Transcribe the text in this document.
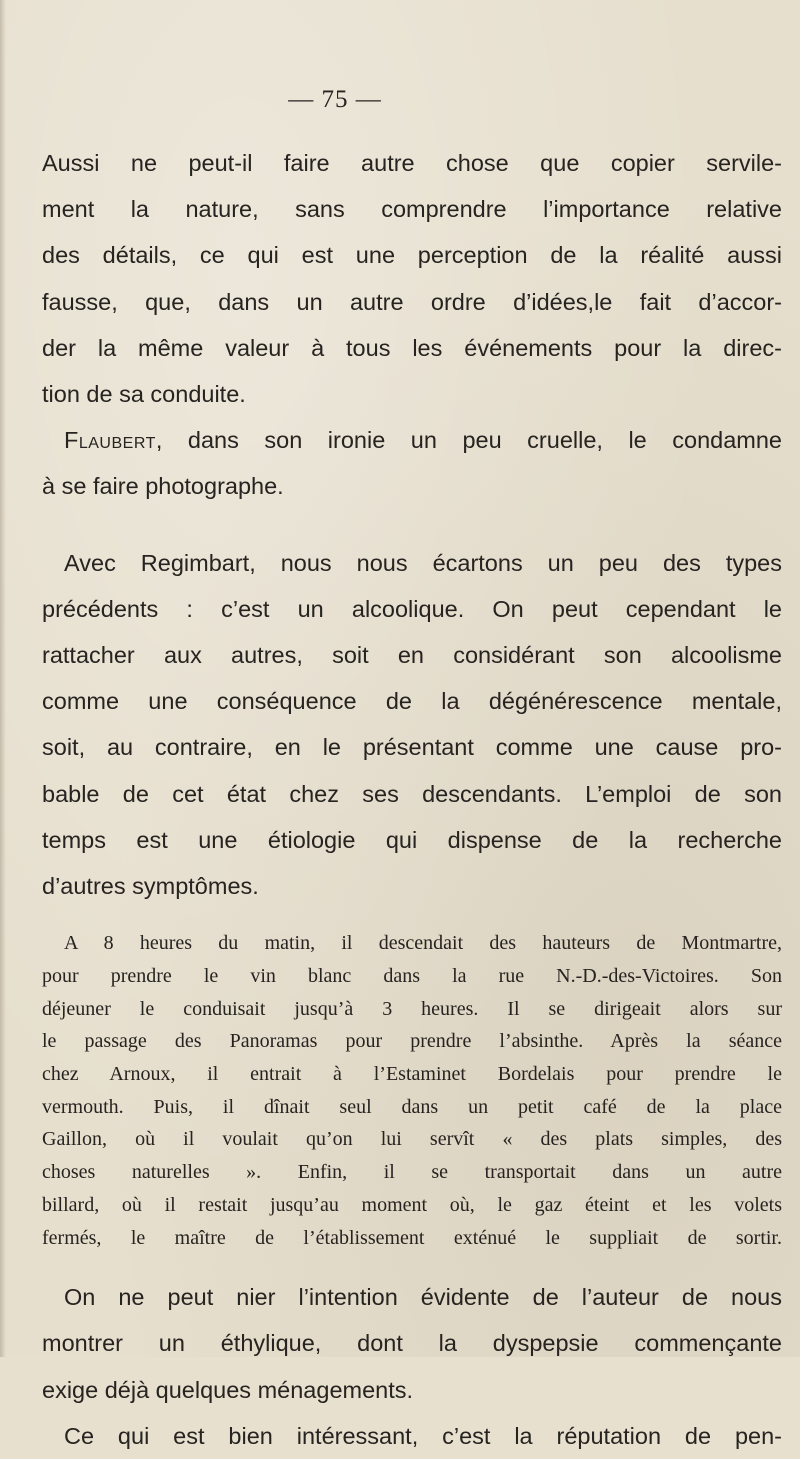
— 75 —

Aussi ne peut-il faire autre chose que copier servile-
ment la nature, sans comprendre l’importance relative
des détails, ce qui est une perception de la réalité aussi
fausse, que, dans un autre ordre d’idées,le fait d’accor-
der la même valeur à tous les événements pour la direc-
tion de sa conduite.

Flaubert, dans son ironie un peu cruelle, le condamne

à se faire photographe.

Avec Regimbart, nous nous écartons un peu des types
précédents : c’est un alcoolique. On peut cependant le
rattacher aux autres, soit en considérant son alcoolisme
comme une conséquence de la dégénérescence mentale,
soit, au contraire, en le présentant comme une cause pro-
bable de cet état chez ses descendants. L’emploi de son
temps est une étiologie qui dispense de la recherche
d’autres symptômes.

A 8 heures du matin, il descendait des hauteurs de Montmartre,
pour prendre le vin blanc dans la rue N.-D.-des-Victoires. Son
déjeuner le conduisait jusqu’à 3 heures. Il se dirigeait alors sur
le passage des Panoramas pour prendre l’absinthe. Après la séance
chez Arnoux, il entrait à l’Estaminet Bordelais pour prendre le
vermouth. Puis, il dînait seul dans un petit café de la place
Gaillon, où il voulait qu’on lui servît « des plats simples, des
choses naturelles ». Enfin, il se transportait dans un autre
billard, où il restait jusqu’au moment où, le gaz éteint et les volets
fermés, le maître de l’établissement exténué le suppliait de sortir.

On ne peut nier l’intention évidente de l’auteur de nous
montrer un éthylique, dont la dyspepsie commençante
exige déjà quelques ménagements.

Ce qui est bien intéressant, c’est la réputation de pen-
